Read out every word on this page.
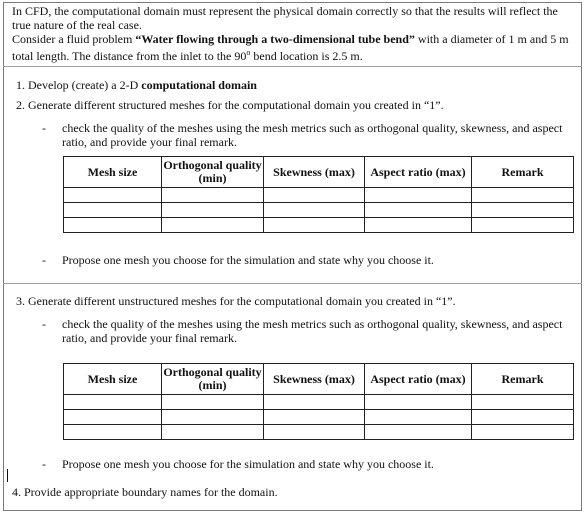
In CFD, the computational domain must represent the physical domain correctly so that the results will reflect the true nature of the real case.

Consider a fluid problem “Water flowing through a two-dimensional tube bend” with a diameter of 1 m and 5 m total length. The distance from the inlet to the 90$^o$ bend location is 2.5 m.

1. Develop (create) a 2-D computational domain
2. Generate different structured meshes for the computational domain you created in “1”.
- check the quality of the meshes using the mesh metrics such as orthogonal quality, skewness, and aspect ratio, and provide your final remark.
Mesh size	Orthogonal quality (min)	Skewness (max)	Aspect ratio (max)	Remark

- Propose one mesh you choose for the simulation and state why you choose it.
3. Generate different unstructured meshes for the computational domain you created in “1”.
- check the quality of the meshes using the mesh metrics such as orthogonal quality, skewness, and aspect ratio, and provide your final remark.
Mesh size	Orthogonal quality (min)	Skewness (max)	Aspect ratio (max)	Remark

- Propose one mesh you choose for the simulation and state why you choose it.
4. Provide appropriate boundary names for the domain.
